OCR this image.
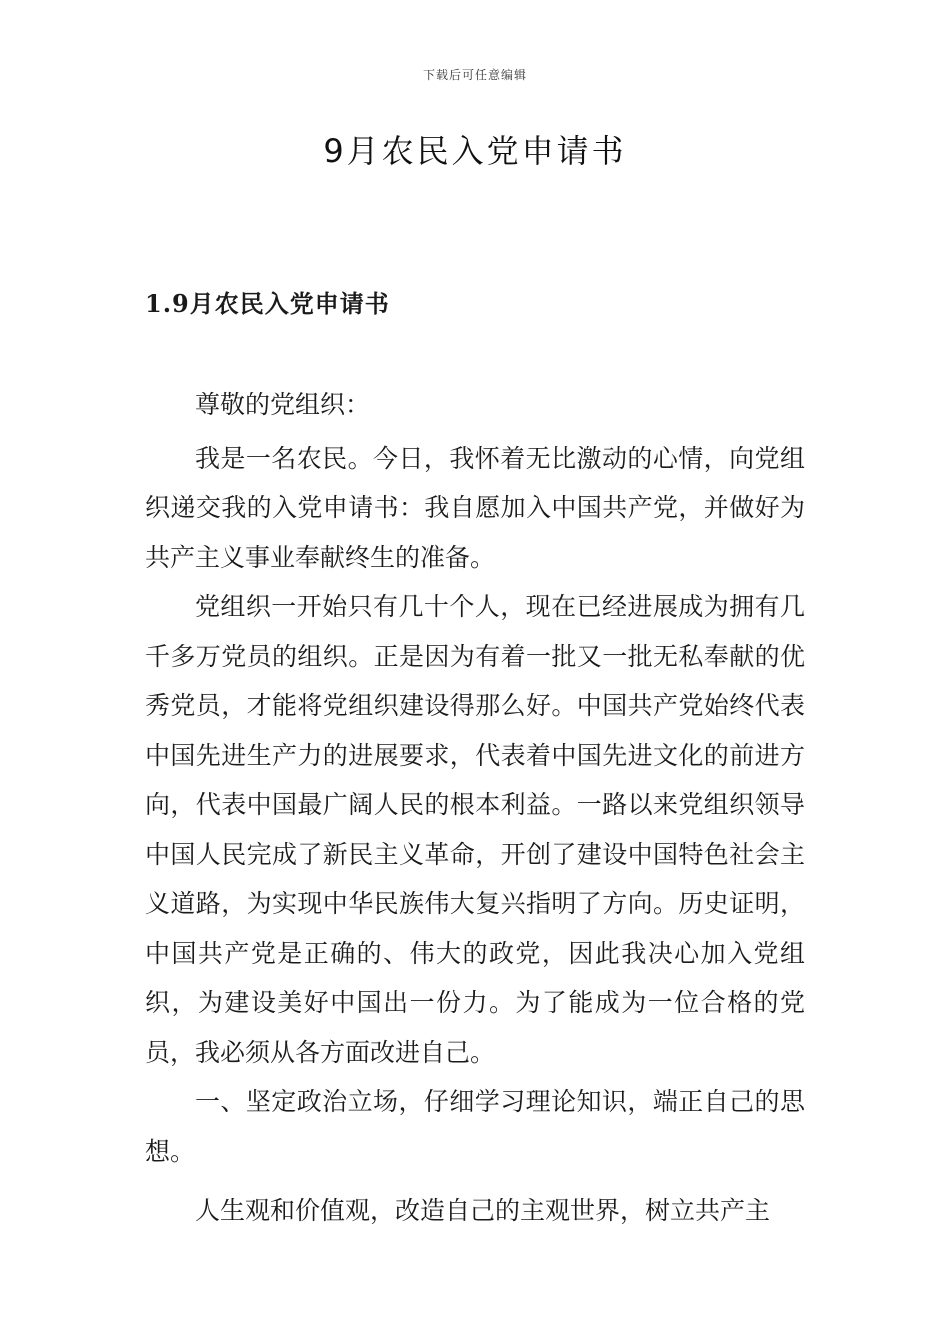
下载后可任意编辑
9月农民入党申请书
1.9月农民入党申请书

尊敬的党组织：

我是一名农民。今日，我怀着无比激动的心情，向党组织递交我的入党申请书：我自愿加入中国共产党，并做好为共产主义事业奉献终生的准备。

党组织一开始只有几十个人，现在已经进展成为拥有几千多万党员的组织。正是因为有着一批又一批无私奉献的优秀党员，才能将党组织建设得那么好。中国共产党始终代表中国先进生产力的进展要求，代表着中国先进文化的前进方向，代表中国最广阔人民的根本利益。一路以来党组织领导中国人民完成了新民主义革命，开创了建设中国特色社会主义道路，为实现中华民族伟大复兴指明了方向。历史证明，中国共产党是正确的、伟大的政党，因此我决心加入党组织，为建设美好中国出一份力。为了能成为一位合格的党员，我必须从各方面改进自己。

一、坚定政治立场，仔细学习理论知识，端正自己的思想。

人生观和价值观，改造自己的主观世界，树立共产主
